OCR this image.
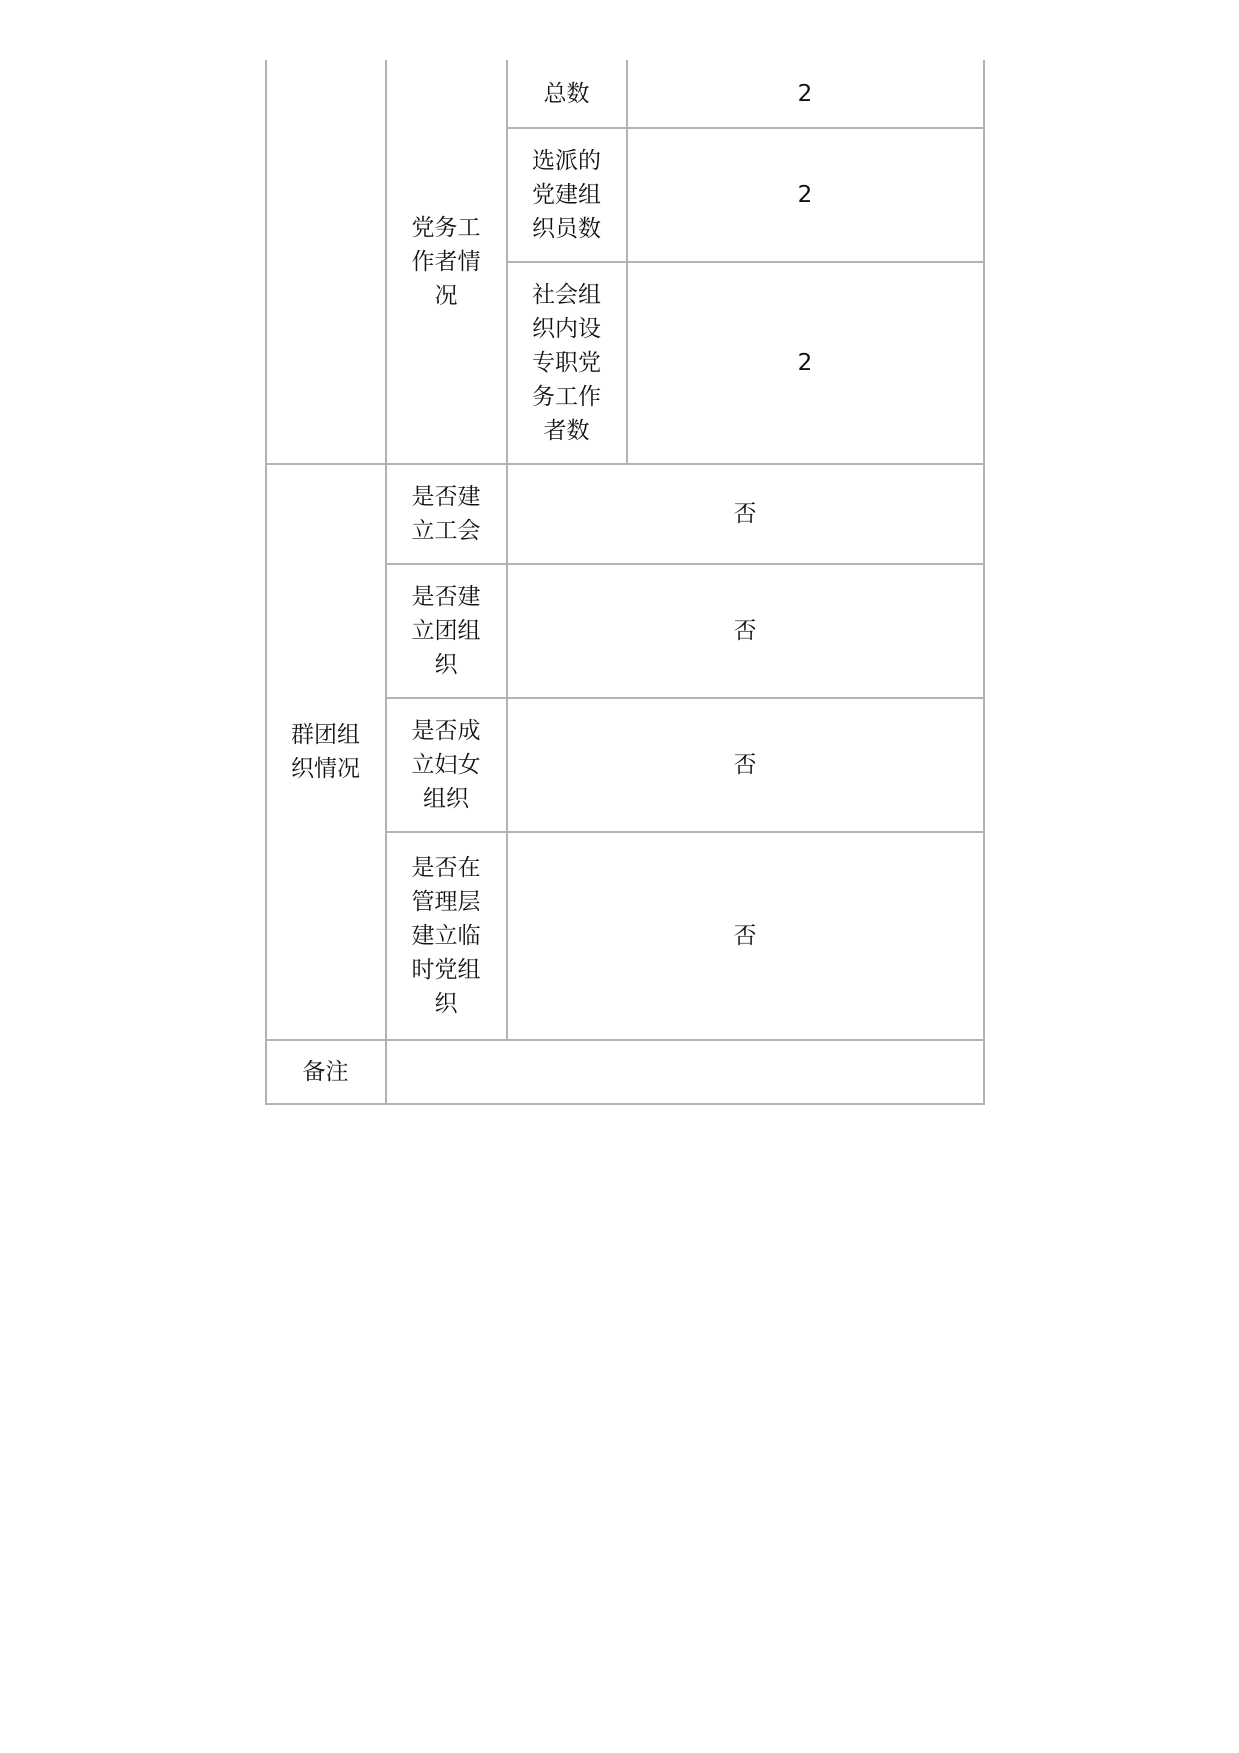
党务工作者情况
总数	2
选派的党建组织员数
2
社会组织内设专职党务工作者数
2
群团组织情况
是否建立工会
否
是否建立团组织
否
是否成立妇女组织
否
是否在管理层建立临时党组织
否
备注
